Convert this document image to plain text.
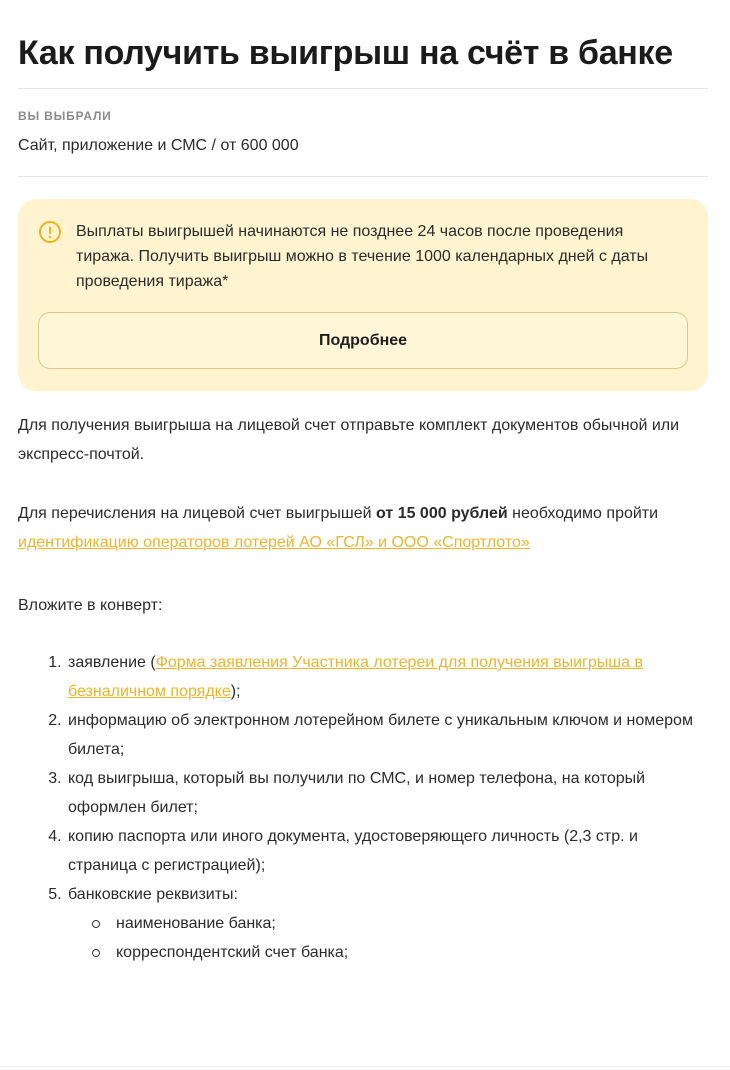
Как получить выигрыш на счёт в банке
ВЫ ВЫБРАЛИ
Сайт, приложение и СМС / от 600 000
Выплаты выигрышей начинаются не позднее 24 часов после проведения тиража. Получить выигрыш можно в течение 1000 календарных дней с даты проведения тиража*
Подробнее

Для получения выигрыша на лицевой счет отправьте комплект документов обычной или экспресс-почтой.

Для перечисления на лицевой счет выигрышей от 15 000 рублей необходимо пройти идентификацию операторов лотерей АО «ГСЛ» и ООО «Спортлото»

Вложите в конверт:

1. заявление (Форма заявления Участника лотереи для получения выигрыша в безналичном порядке);
2. информацию об электронном лотерейном билете с уникальным ключом и номером билета;
3. код выигрыша, который вы получили по СМС, и номер телефона, на который оформлен билет;
4. копию паспорта или иного документа, удостоверяющего личность (2,3 стр. и страница с регистрацией);
5. банковские реквизиты:
наименование банка;
корреспондентский счет банка;
